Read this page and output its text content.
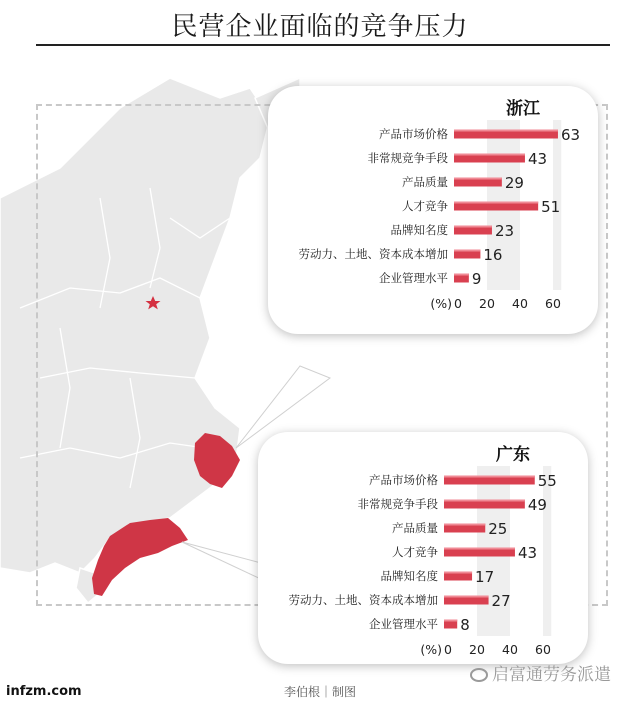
民营企业面临的竞争压力
浙江
产品市场价格	63
非常规竞争手段	43
产品质量	29
人才竞争	51
品牌知名度	23
劳动力、土地、资本成本增加 16
企业管理水平 9
(%) 0 20 40 60
广东
产品市场价格	55
非常规竞争手段	49
产品质量	25
人才竞争	43
品牌知名度 17
劳动力、土地、资本成本增加	27
企业管理水平 8
(%) 0 20 40 60
infzm.com	李伯根｜制图
启富通劳务派遣
